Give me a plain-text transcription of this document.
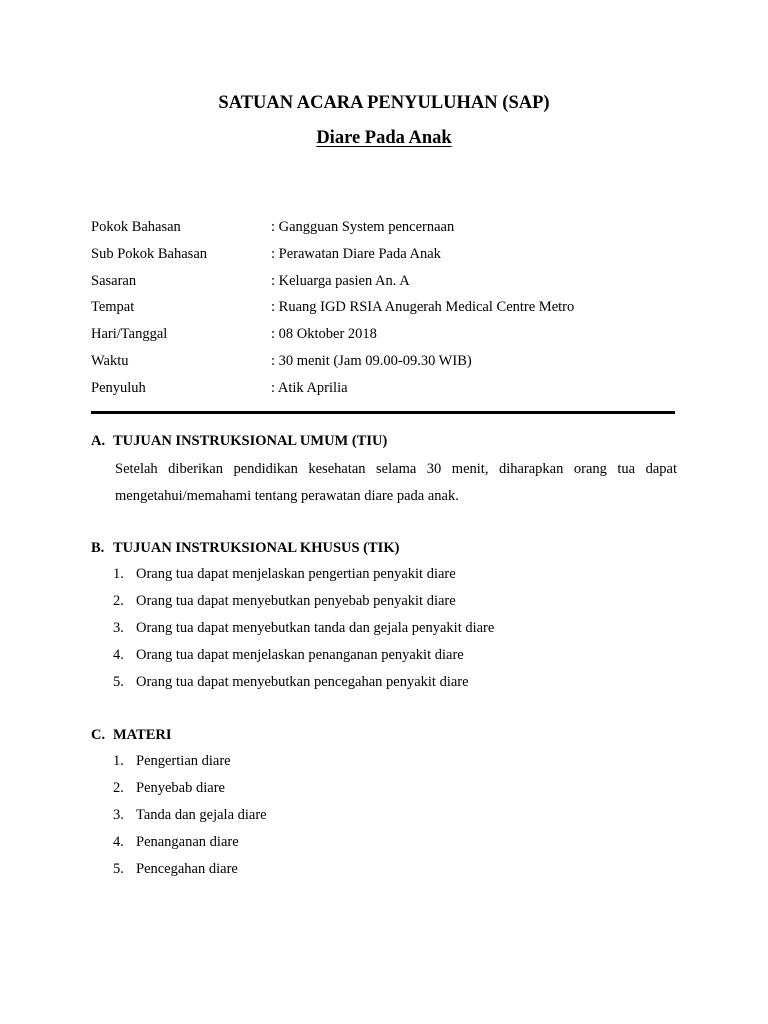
SATUAN ACARA PENYULUHAN (SAP)
Diare Pada Anak
Pokok Bahasan	: Gangguan System pencernaan
Sub Pokok Bahasan	: Perawatan Diare Pada Anak
Sasaran	: Keluarga pasien An. A
Tempat	: Ruang IGD RSIA Anugerah Medical Centre Metro
Hari/Tanggal	: 08 Oktober 2018
Waktu	: 30 menit (Jam 09.00-09.30 WIB)
Penyuluh	: Atik Aprilia
A. TUJUAN INSTRUKSIONAL UMUM (TIU)
Setelah diberikan pendidikan kesehatan selama 30 menit, diharapkan orang tua dapat mengetahui/memahami tentang perawatan diare pada anak.
B. TUJUAN INSTRUKSIONAL KHUSUS (TIK)
1. Orang tua dapat menjelaskan pengertian penyakit diare
2. Orang tua dapat menyebutkan penyebab penyakit diare
3. Orang tua dapat menyebutkan tanda dan gejala penyakit diare
4. Orang tua dapat menjelaskan penanganan penyakit diare
5. Orang tua dapat menyebutkan pencegahan penyakit diare
C. MATERI
1. Pengertian diare
2. Penyebab diare
3. Tanda dan gejala diare
4. Penanganan diare
5. Pencegahan diare
